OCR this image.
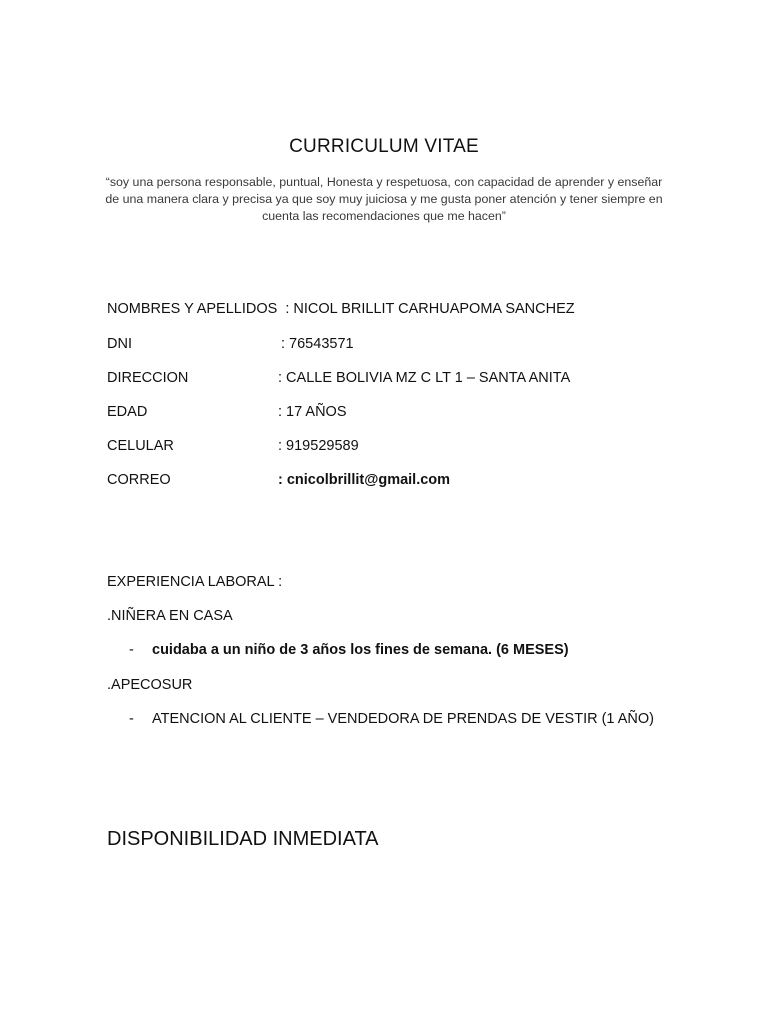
CURRICULUM VITAE
“soy una persona responsable, puntual, Honesta y respetuosa, con capacidad de aprender y enseñar de una manera clara y precisa ya que soy muy juiciosa y me gusta poner atención y tener siempre en cuenta las recomendaciones que me hacen”
NOMBRES Y APELLIDOS : NICOL BRILLIT CARHUAPOMA SANCHEZ
DNI	: 76543571
DIRECCION	: CALLE BOLIVIA MZ C LT 1 – SANTA ANITA
EDAD	: 17 AÑOS
CELULAR	: 919529589
CORREO	: cnicolbrillit@gmail.com
EXPERIENCIA LABORAL :
.NIÑERA EN CASA
- cuidaba a un niño de 3 años los fines de semana. (6 MESES)
.APECOSUR
- ATENCION AL CLIENTE – VENDEDORA DE PRENDAS DE VESTIR (1 AÑO)
DISPONIBILIDAD INMEDIATA
